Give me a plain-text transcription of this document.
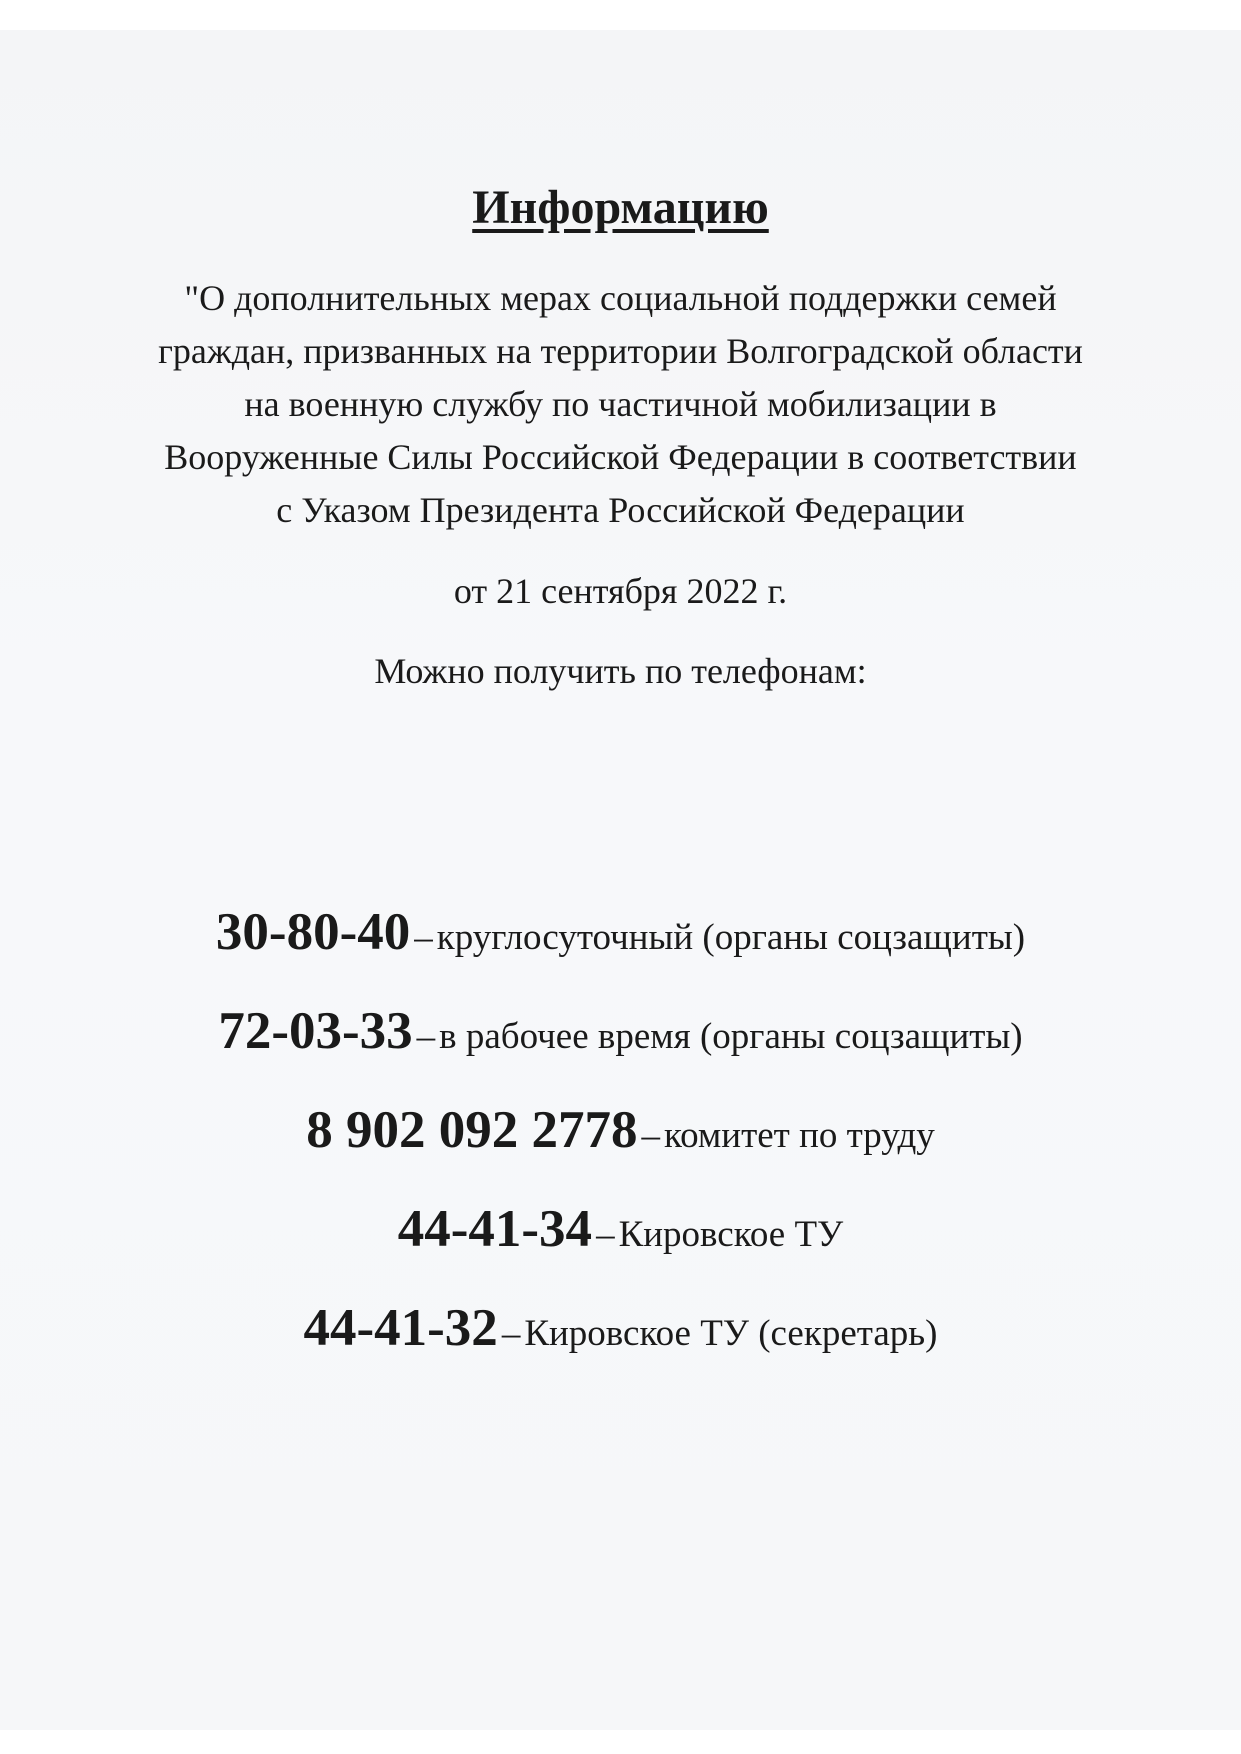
Информацию

"О дополнительных мерах социальной поддержки семей
граждан, призванных на территории Волгоградской области
на военную службу по частичной мобилизации в
Вооруженные Силы Российской Федерации в соответствии
с Указом Президента Российской Федерации

от 21 сентября 2022 г.

Можно получить по телефонам:

30-80-40 – круглосуточный (органы соцзащиты)
72-03-33 – в рабочее время (органы соцзащиты)
8 902 092 2778 – комитет по труду
44-41-34 – Кировское ТУ
44-41-32 – Кировское ТУ (секретарь)
